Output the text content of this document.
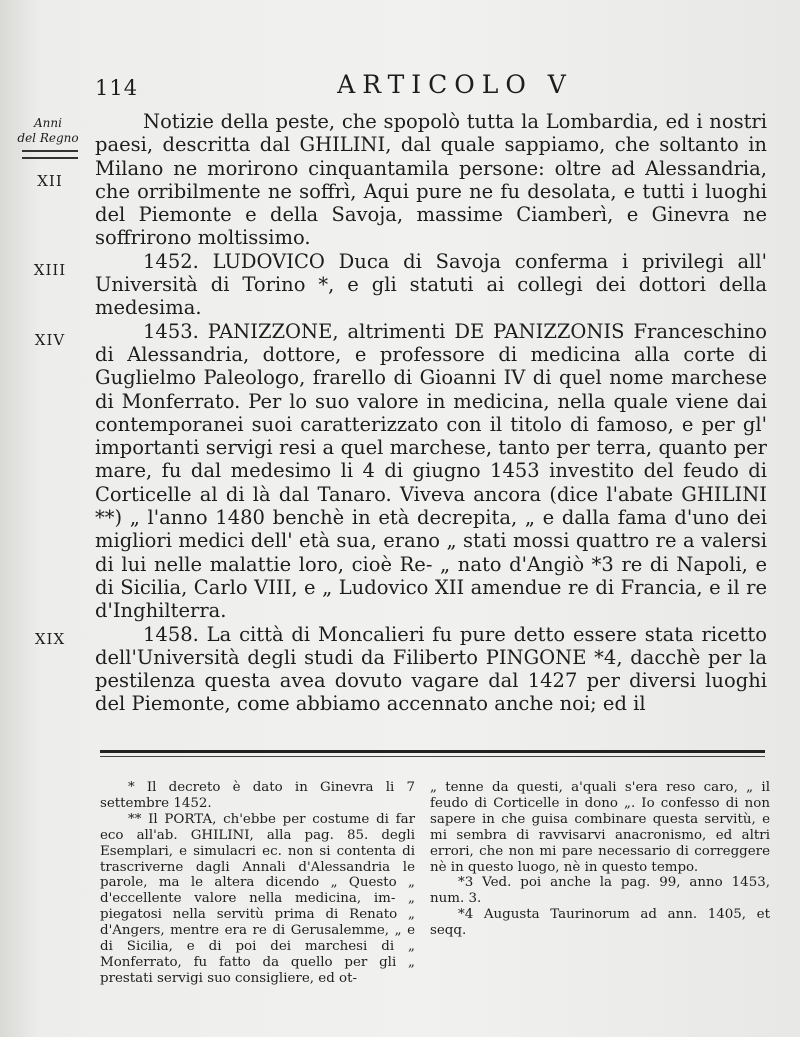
114	ARTICOLO V
Anni
del Regno
XII
XIII
XIV
XIX

Notizie della peste, che spopolò tutta la Lombardia, ed i nostri paesi, descritta dal GHILINI, dal quale sappiamo, che soltanto in Milano ne morirono cinquantamila persone: oltre ad Alessandria, che orribilmente ne soffrì, Aqui pure ne fu desolata, e tutti i luoghi del Piemonte e della Savoja, massime Ciamberì, e Ginevra ne soffrirono moltissimo.

1452. LUDOVICO Duca di Savoja conferma i privilegi all' Università di Torino *, e gli statuti ai collegi dei dottori della medesima.

1453. PANIZZONE, altrimenti DE PANIZZONIS Franceschino di Alessandria, dottore, e professore di medicina alla corte di Guglielmo Paleologo, frarello di Gioanni IV di quel nome marchese di Monferrato. Per lo suo valore in medicina, nella quale viene dai contemporanei suoi caratterizzato con il titolo di famoso, e per gl' importanti servigi resi a quel marchese, tanto per terra, quanto per mare, fu dal medesimo li 4 di giugno 1453 investito del feudo di Corticelle al di là dal Tanaro. Viveva ancora (dice l'abate GHILINI **) „ l'anno 1480 benchè in età decrepita, „ e dalla fama d'uno dei migliori medici dell' età sua, erano „ stati mossi quattro re a valersi di lui nelle malattie loro, cioè Re- „ nato d'Angiò *3 re di Napoli, e di Sicilia, Carlo VIII, e „ Ludovico XII amendue re di Francia, e il re d'Inghilterra.

1458. La città di Moncalieri fu pure detto essere stata ricetto dell'Università degli studi da Filiberto PINGONE *4, dacchè per la pestilenza questa avea dovuto vagare dal 1427 per diversi luoghi del Piemonte, come abbiamo accennato anche noi; ed il

* Il decreto è dato in Ginevra li 7 settembre 1452.

** Il PORTA, ch'ebbe per costume di far eco all'ab. GHILINI, alla pag. 85. degli Esemplari, e simulacri ec. non si contenta di trascriverne dagli Annali d'Alessandria le parole, ma le altera dicendo „ Questo „ d'eccellente valore nella medicina, im- „ piegatosi nella servitù prima di Renato „ d'Angers, mentre era re di Gerusalemme, „ e di Sicilia, e di poi dei marchesi di „ Monferrato, fu fatto da quello per gli „ prestati servigi suo consigliere, ed ot-

„ tenne da questi, a'quali s'era reso caro, „ il feudo di Corticelle in dono „. Io confesso di non sapere in che guisa combinare questa servitù, e mi sembra di ravvisarvi anacronismo, ed altri errori, che non mi pare necessario di correggere nè in questo luogo, nè in questo tempo.

*3 Ved. poi anche la pag. 99, anno 1453, num. 3.

*4 Augusta Taurinorum ad ann. 1405, et seqq.
